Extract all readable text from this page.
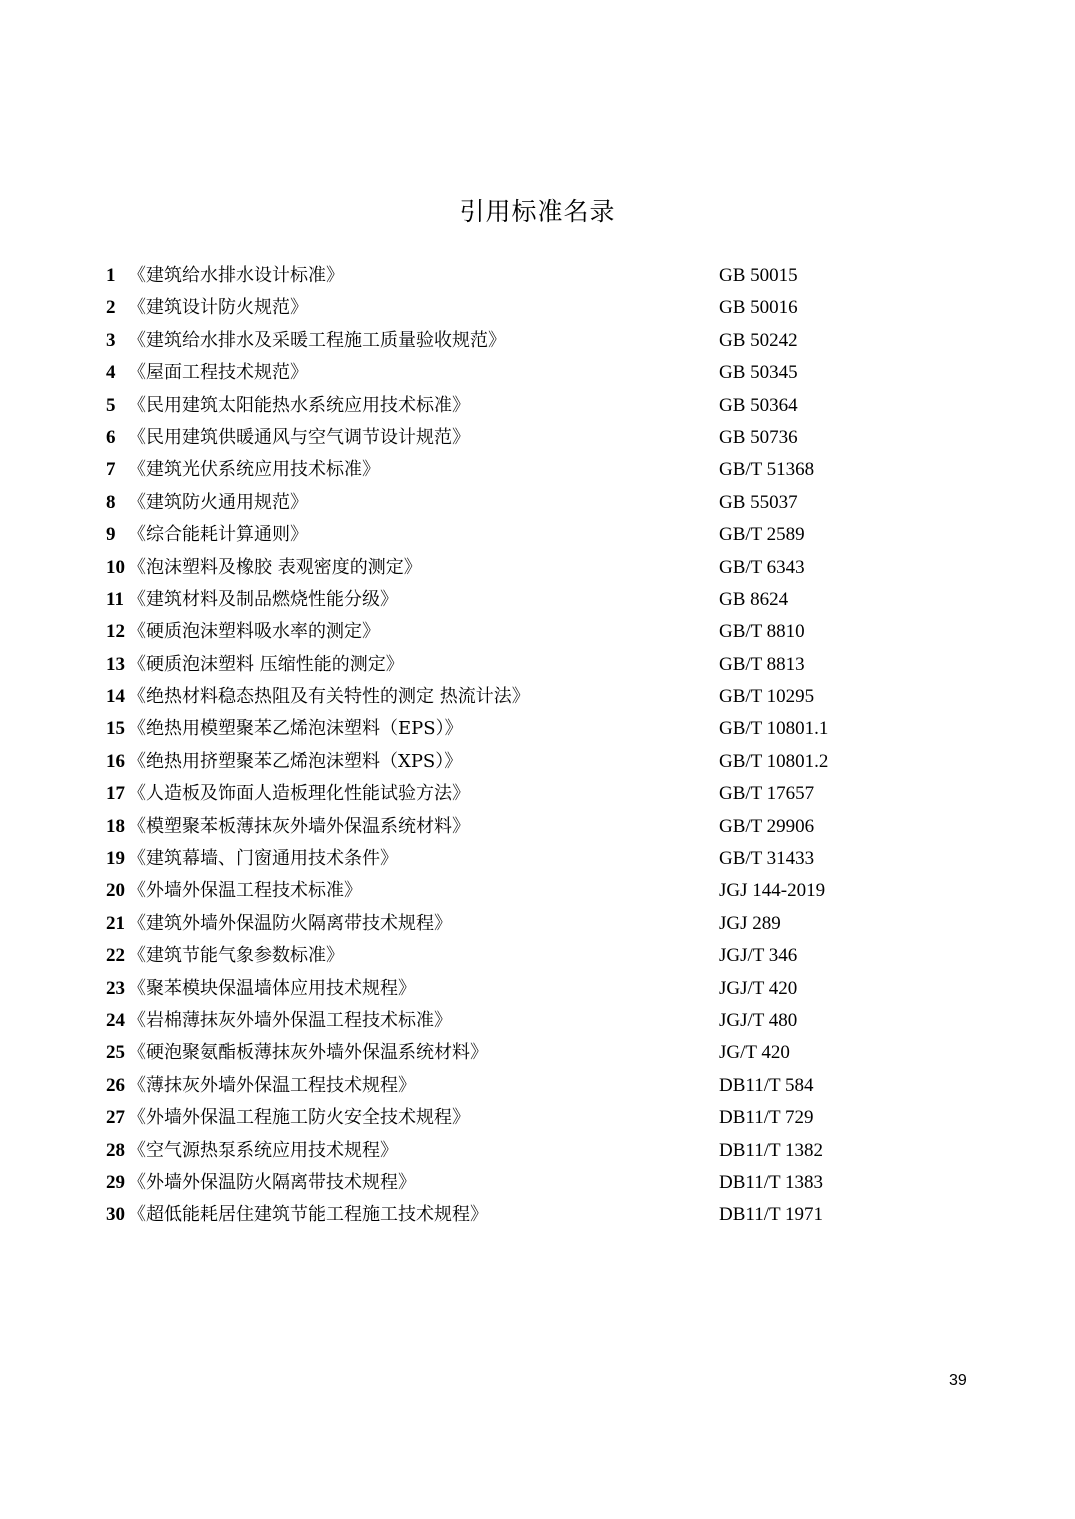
引用标准名录
1 《建筑给水排水设计标准》	GB 50015
2 《建筑设计防火规范》	GB 50016
3 《建筑给水排水及采暖工程施工质量验收规范》	GB 50242
4 《屋面工程技术规范》	GB 50345
5 《民用建筑太阳能热水系统应用技术标准》	GB 50364
6 《民用建筑供暖通风与空气调节设计规范》	GB 50736
7 《建筑光伏系统应用技术标准》	GB/T 51368
8 《建筑防火通用规范》	GB 55037
9 《综合能耗计算通则》	GB/T 2589
10 《泡沫塑料及橡胶 表观密度的测定》	GB/T 6343
11 《建筑材料及制品燃烧性能分级》	GB 8624
12 《硬质泡沫塑料吸水率的测定》	GB/T 8810
13 《硬质泡沫塑料 压缩性能的测定》	GB/T 8813
14 《绝热材料稳态热阻及有关特性的测定 热流计法》	GB/T 10295
15 《绝热用模塑聚苯乙烯泡沫塑料（EPS）》	GB/T 10801.1
16 《绝热用挤塑聚苯乙烯泡沫塑料（XPS）》	GB/T 10801.2
17 《人造板及饰面人造板理化性能试验方法》	GB/T 17657
18 《模塑聚苯板薄抹灰外墙外保温系统材料》	GB/T 29906
19 《建筑幕墙、门窗通用技术条件》	GB/T 31433
20 《外墙外保温工程技术标准》	JGJ 144-2019
21 《建筑外墙外保温防火隔离带技术规程》	JGJ 289
22 《建筑节能气象参数标准》	JGJ/T 346
23 《聚苯模块保温墙体应用技术规程》	JGJ/T 420
24 《岩棉薄抹灰外墙外保温工程技术标准》	JGJ/T 480
25 《硬泡聚氨酯板薄抹灰外墙外保温系统材料》	JG/T 420
26 《薄抹灰外墙外保温工程技术规程》	DB11/T 584
27 《外墙外保温工程施工防火安全技术规程》	DB11/T 729
28 《空气源热泵系统应用技术规程》	DB11/T 1382
29 《外墙外保温防火隔离带技术规程》	DB11/T 1383
30 《超低能耗居住建筑节能工程施工技术规程》	DB11/T 1971
39
